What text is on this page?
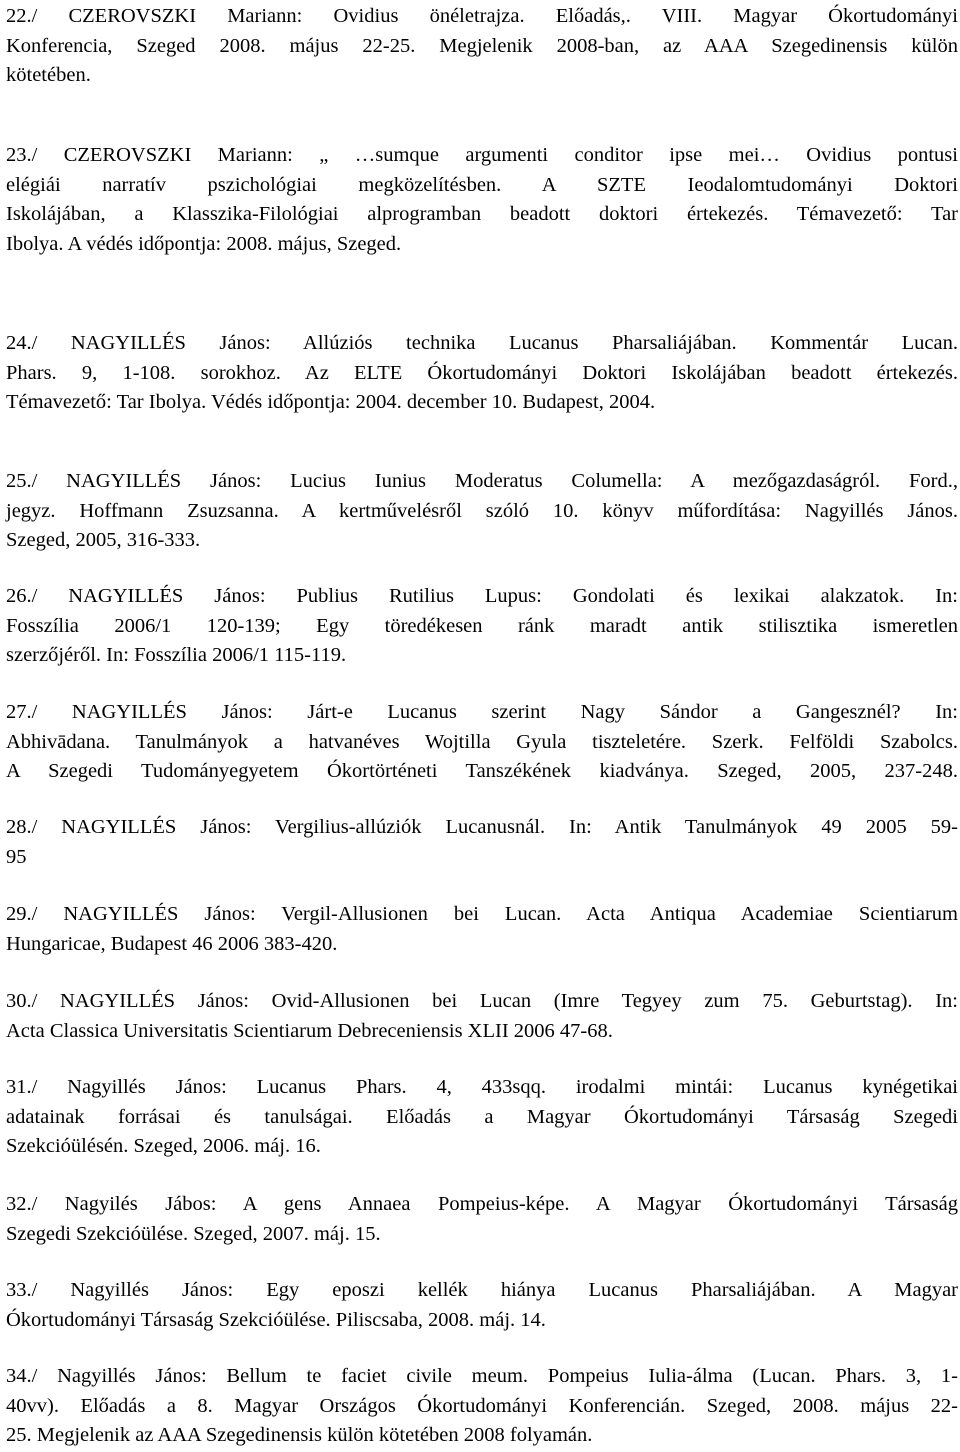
22./ CZEROVSZKI Mariann: Ovidius önéletrajza. Előadás,. VIII. Magyar Ókortudományi
Konferencia, Szeged 2008. május 22-25. Megjelenik 2008-ban, az AAA Szegedinensis külön
kötetében.
23./ CZEROVSZKI Mariann: „ …sumque argumenti conditor ipse mei… Ovidius pontusi
elégiái narratív pszichológiai megközelítésben. A SZTE Ieodalomtudományi Doktori
Iskolájában, a Klasszika-Filológiai alprogramban beadott doktori értekezés. Témavezető: Tar
Ibolya. A védés időpontja: 2008. május, Szeged.
24./ NAGYILLÉS János: Allúziós technika Lucanus Pharsaliájában. Kommentár Lucan.
Phars. 9, 1-108. sorokhoz. Az ELTE Ókortudományi Doktori Iskolájában beadott értekezés.
Témavezető: Tar Ibolya. Védés időpontja: 2004. december 10. Budapest, 2004.
25./ NAGYILLÉS János: Lucius Iunius Moderatus Columella: A mezőgazdaságról. Ford.,
jegyz. Hoffmann Zsuzsanna. A kertművelésről szóló 10. könyv műfordítása: Nagyillés János.
Szeged, 2005, 316-333.
26./ NAGYILLÉS János: Publius Rutilius Lupus: Gondolati és lexikai alakzatok. In:
Fosszília 2006/1 120-139; Egy töredékesen ránk maradt antik stilisztika ismeretlen
szerzőjéről. In: Fosszília 2006/1 115-119.
27./ NAGYILLÉS János: Járt-e Lucanus szerint Nagy Sándor a Gangesznél? In:
Abhivādana. Tanulmányok a hatvanéves Wojtilla Gyula tiszteletére. Szerk. Felföldi Szabolcs.
A Szegedi Tudományegyetem Ókortörténeti Tanszékének kiadványa. Szeged, 2005, 237-248.
28./ NAGYILLÉS János: Vergilius-allúziók Lucanusnál. In: Antik Tanulmányok 49 2005 59-
95
29./ NAGYILLÉS János: Vergil-Allusionen bei Lucan. Acta Antiqua Academiae Scientiarum
Hungaricae, Budapest 46 2006 383-420.
30./ NAGYILLÉS János: Ovid-Allusionen bei Lucan (Imre Tegyey zum 75. Geburtstag). In:
Acta Classica Universitatis Scientiarum Debreceniensis XLII 2006 47-68.
31./ Nagyillés János: Lucanus Phars. 4, 433sqq. irodalmi mintái: Lucanus kynégetikai
adatainak forrásai és tanulságai. Előadás a Magyar Ókortudományi Társaság Szegedi
Szekcióülésén. Szeged, 2006. máj. 16.
32./ Nagyilés Jábos: A gens Annaea Pompeius-képe. A Magyar Ókortudományi Társaság
Szegedi Szekcióülése. Szeged, 2007. máj. 15.
33./ Nagyillés János: Egy eposzi kellék hiánya Lucanus Pharsaliájában. A Magyar
Ókortudományi Társaság Szekcióülése. Piliscsaba, 2008. máj. 14.
34./ Nagyillés János: Bellum te faciet civile meum. Pompeius Iulia-álma (Lucan. Phars. 3, 1-
40vv). Előadás a 8. Magyar Országos Ókortudományi Konferencián. Szeged, 2008. május 22-
25. Megjelenik az AAA Szegedinensis külön kötetében 2008 folyamán.
